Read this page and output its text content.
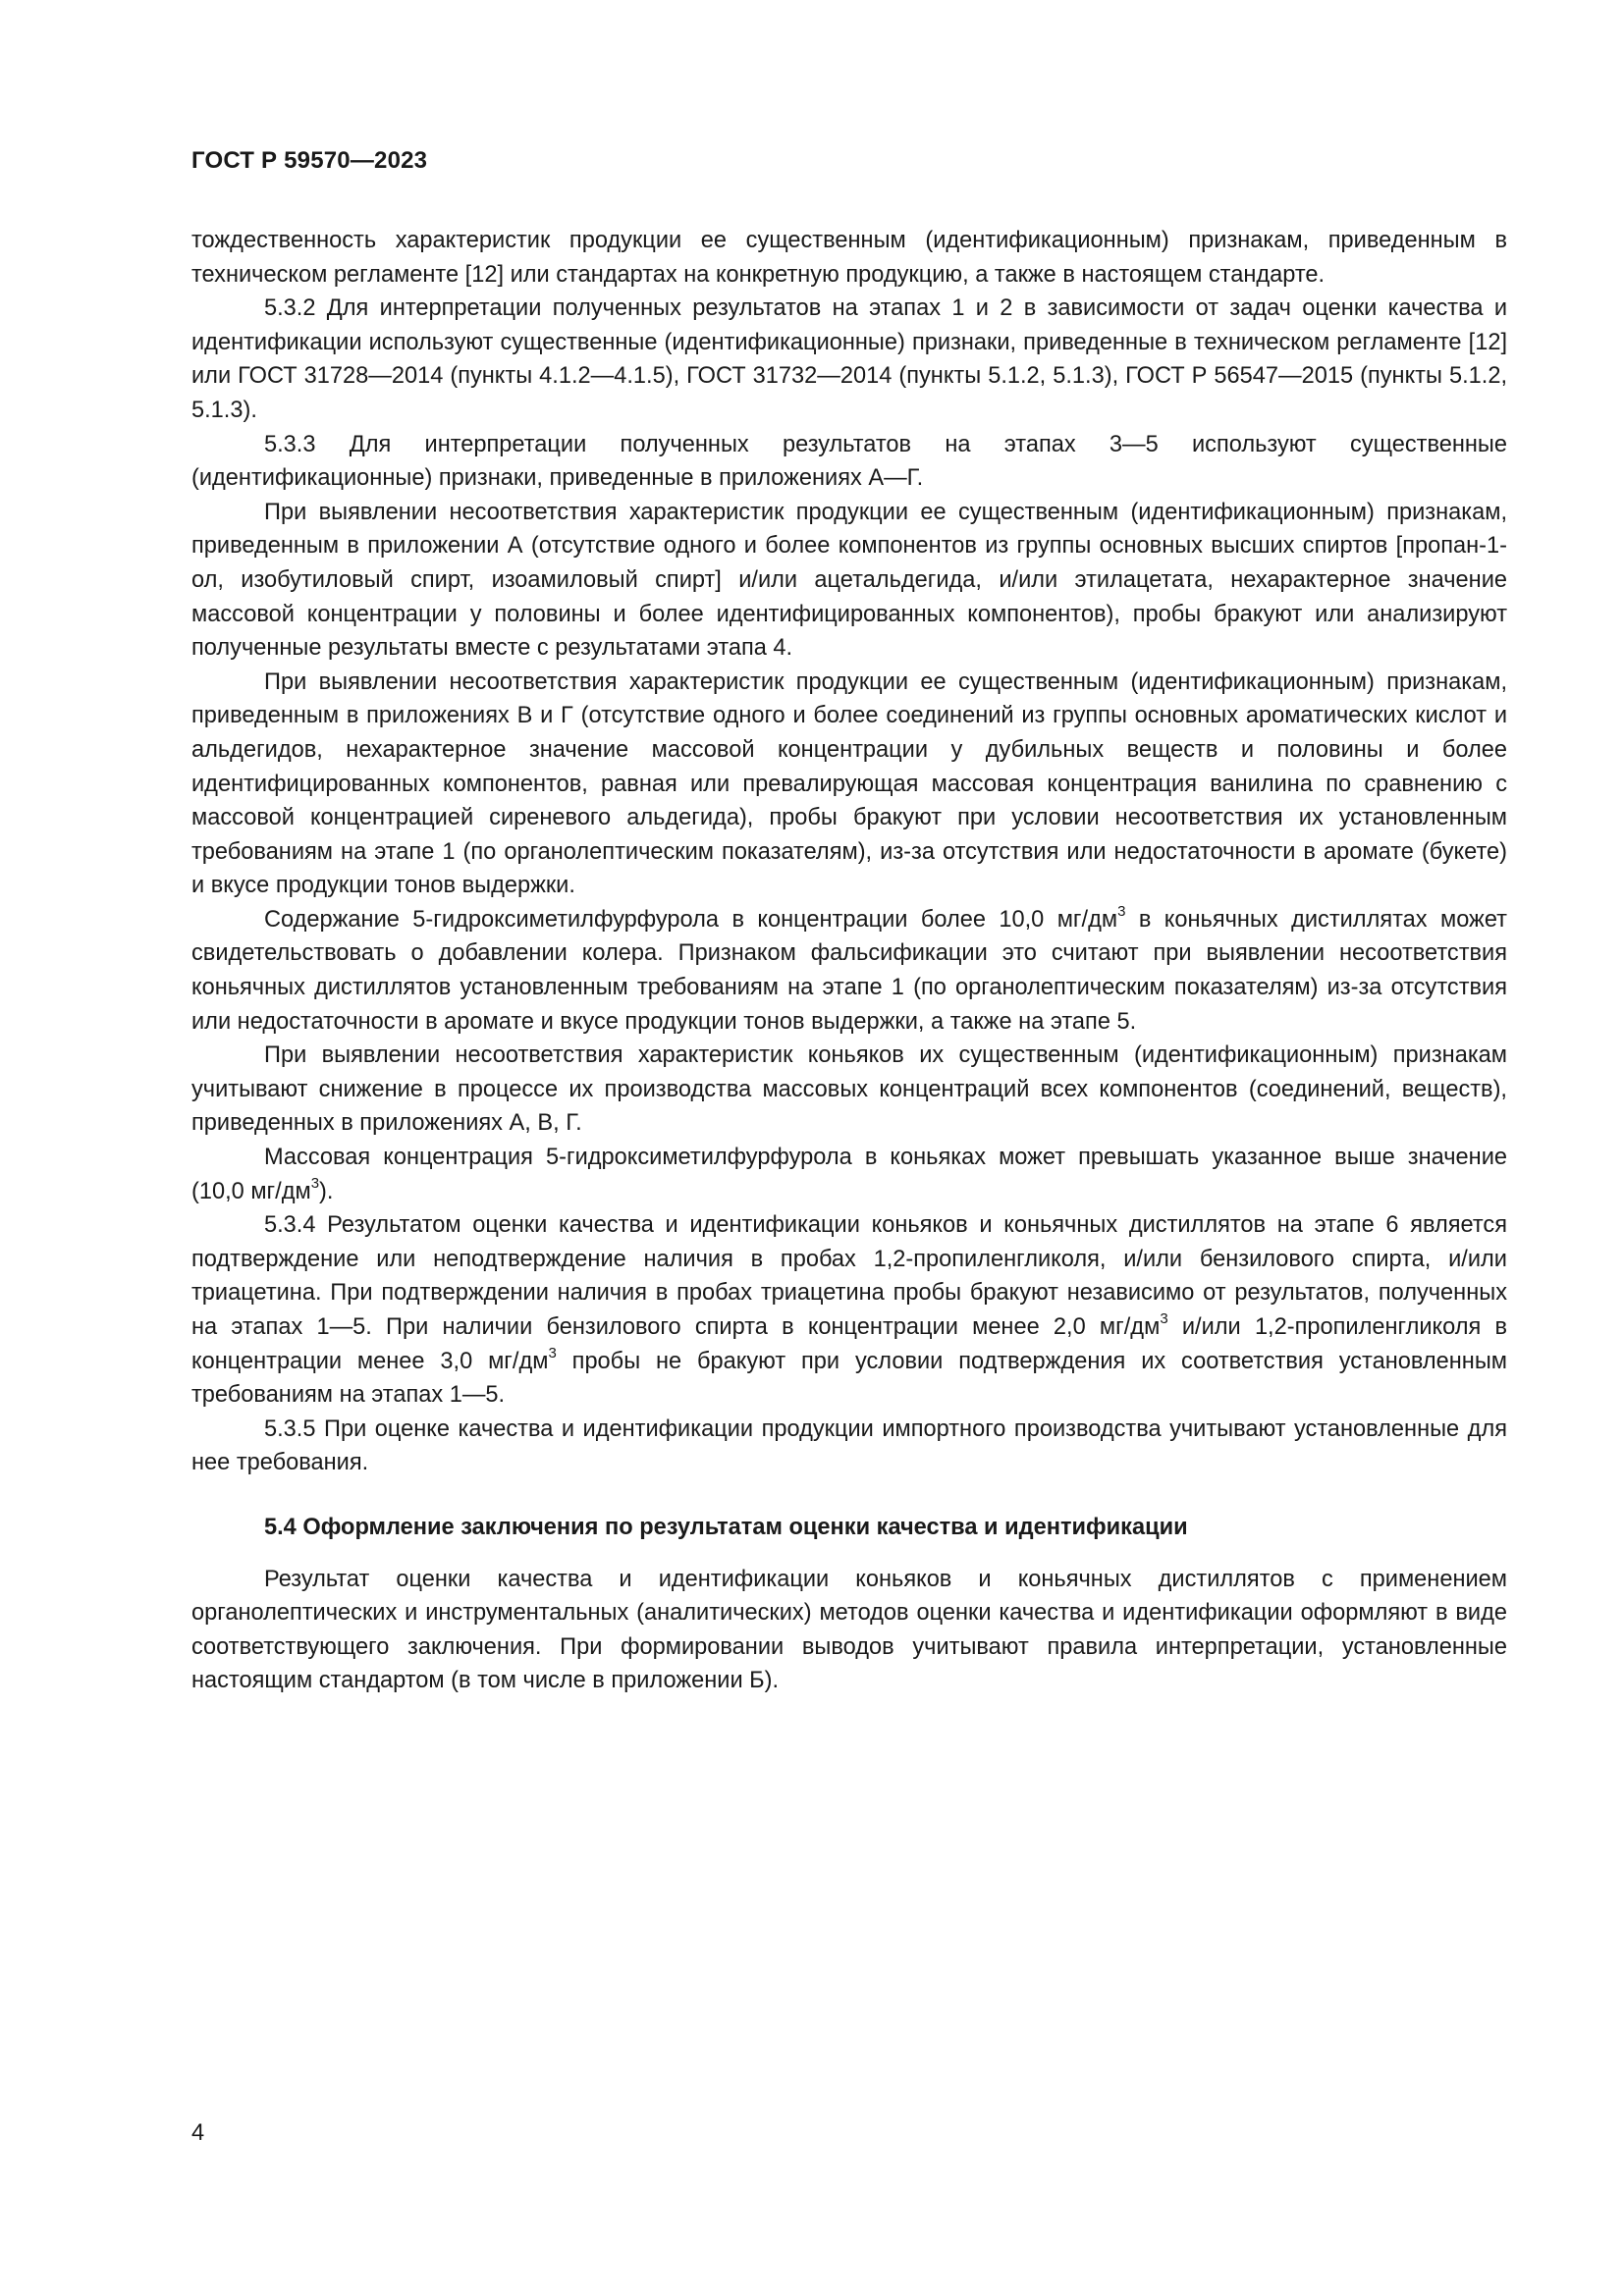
ГОСТ Р 59570—2023

тождественность характеристик продукции ее существенным (идентификационным) признакам, приведенным в техническом регламенте [12] или стандартах на конкретную продукцию, а также в настоящем стандарте.

5.3.2 Для интерпретации полученных результатов на этапах 1 и 2 в зависимости от задач оценки качества и идентификации используют существенные (идентификационные) признаки, приведенные в техническом регламенте [12] или ГОСТ 31728—2014 (пункты 4.1.2—4.1.5), ГОСТ 31732—2014 (пункты 5.1.2, 5.1.3), ГОСТ Р 56547—2015 (пункты 5.1.2, 5.1.3).

5.3.3 Для интерпретации полученных результатов на этапах 3—5 используют существенные (идентификационные) признаки, приведенные в приложениях А—Г.

При выявлении несоответствия характеристик продукции ее существенным (идентификационным) признакам, приведенным в приложении А (отсутствие одного и более компонентов из группы основных высших спиртов [пропан-1-ол, изобутиловый спирт, изоамиловый спирт] и/или ацетальдегида, и/или этилацетата, нехарактерное значение массовой концентрации у половины и более идентифицированных компонентов), пробы бракуют или анализируют полученные результаты вместе с результатами этапа 4.

При выявлении несоответствия характеристик продукции ее существенным (идентификационным) признакам, приведенным в приложениях В и Г (отсутствие одного и более соединений из группы основных ароматических кислот и альдегидов, нехарактерное значение массовой концентрации у дубильных веществ и половины и более идентифицированных компонентов, равная или превалирующая массовая концентрация ванилина по сравнению с массовой концентрацией сиреневого альдегида), пробы бракуют при условии несоответствия их установленным требованиям на этапе 1 (по органолептическим показателям), из-за отсутствия или недостаточности в аромате (букете) и вкусе продукции тонов выдержки.

Содержание 5-гидроксиметилфурфурола в концентрации более 10,0 $мг/дм^3$ в коньячных дистиллятах может свидетельствовать о добавлении колера. Признаком фальсификации это считают при выявлении несоответствия коньячных дистиллятов установленным требованиям на этапе 1 (по органолептическим показателям) из-за отсутствия или недостаточности в аромате и вкусе продукции тонов выдержки, а также на этапе 5.

При выявлении несоответствия характеристик коньяков их существенным (идентификационным) признакам учитывают снижение в процессе их производства массовых концентраций всех компонентов (соединений, веществ), приведенных в приложениях А, В, Г.

Массовая концентрация 5-гидроксиметилфурфурола в коньяках может превышать указанное выше значение (10,0 $мг/дм^3$).

5.3.4 Результатом оценки качества и идентификации коньяков и коньячных дистиллятов на этапе 6 является подтверждение или неподтверждение наличия в пробах 1,2-пропиленгликоля, и/или бензилового спирта, и/или триацетина. При подтверждении наличия в пробах триацетина пробы бракуют независимо от результатов, полученных на этапах 1—5. При наличии бензилового спирта в концентрации менее 2,0 $мг/дм^3$ и/или 1,2-пропиленгликоля в концентрации менее 3,0 $мг/дм^3$ пробы не бракуют при условии подтверждения их соответствия установленным требованиям на этапах 1—5.

5.3.5 При оценке качества и идентификации продукции импортного производства учитывают установленные для нее требования.

5.4 Оформление заключения по результатам оценки качества и идентификации

Результат оценки качества и идентификации коньяков и коньячных дистиллятов с применением органолептических и инструментальных (аналитических) методов оценки качества и идентификации оформляют в виде соответствующего заключения. При формировании выводов учитывают правила интерпретации, установленные настоящим стандартом (в том числе в приложении Б).

4
